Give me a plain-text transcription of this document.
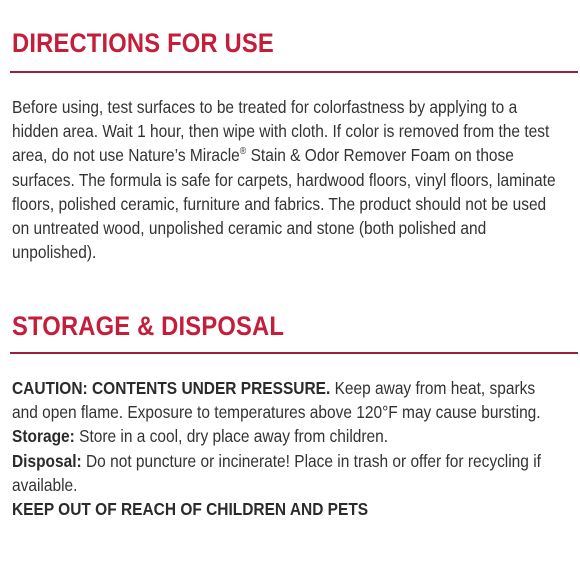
DIRECTIONS FOR USE

Before using, test surfaces to be treated for colorfastness by applying to a hidden area. Wait 1 hour, then wipe with cloth. If color is removed from the test area, do not use Nature’s Miracle® Stain & Odor Remover Foam on those surfaces. The formula is safe for carpets, hardwood floors, vinyl floors, laminate floors, polished ceramic, furniture and fabrics. The product should not be used on untreated wood, unpolished ceramic and stone (both polished and unpolished).

STORAGE & DISPOSAL

CAUTION: CONTENTS UNDER PRESSURE. Keep away from heat, sparks and open flame. Exposure to temperatures above 120°F may cause bursting.

Storage: Store in a cool, dry place away from children.

Disposal: Do not puncture or incinerate! Place in trash or offer for recycling if available.

KEEP OUT OF REACH OF CHILDREN AND PETS
